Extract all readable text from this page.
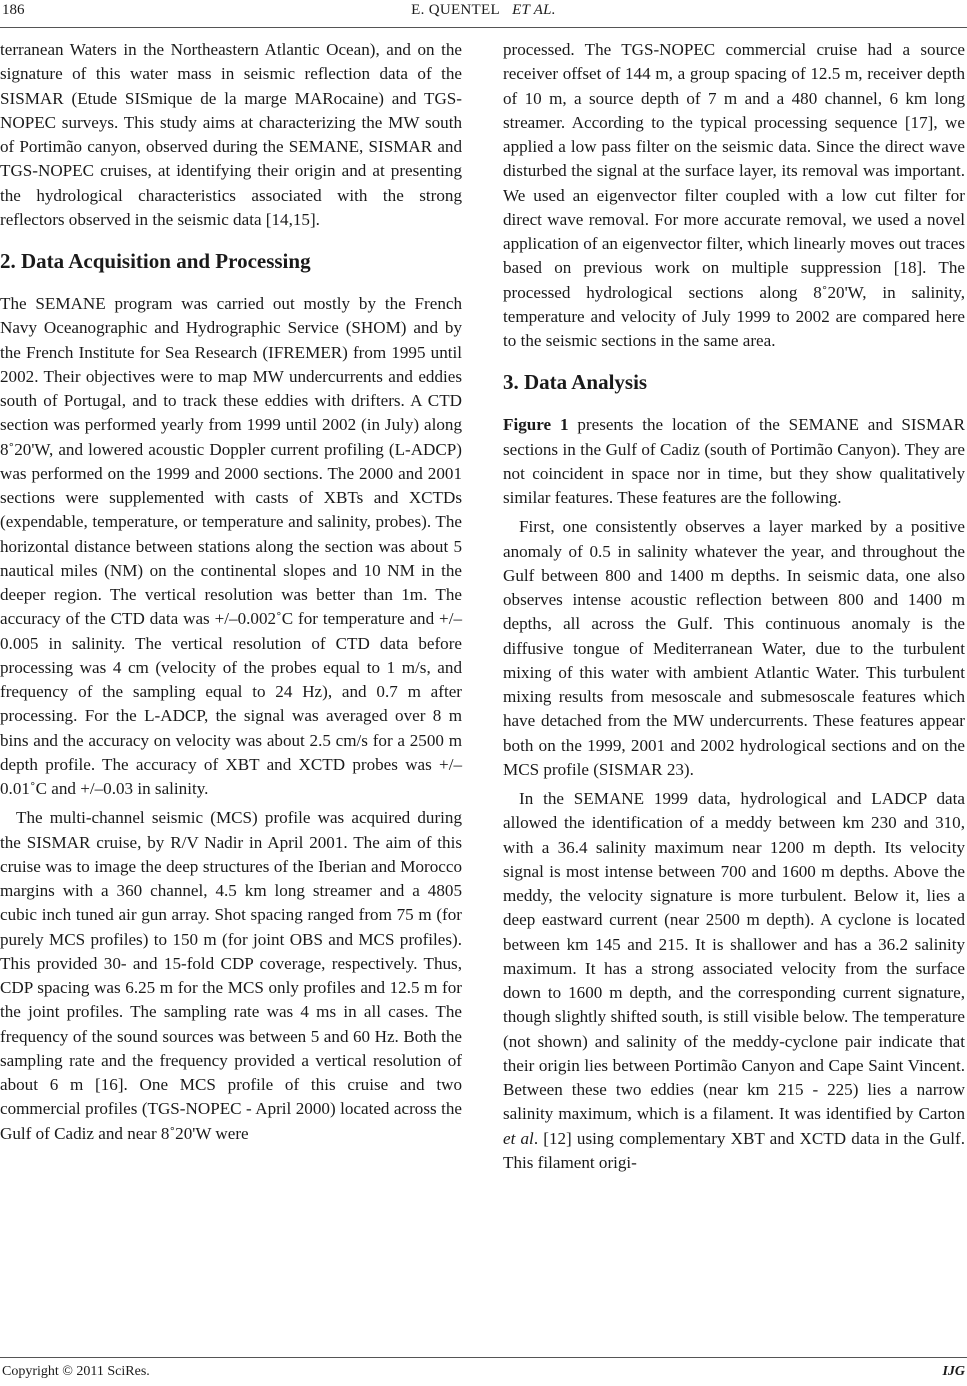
186	E. QUENTEL ET AL.

terranean Waters in the Northeastern Atlantic Ocean), and on the signature of this water mass in seismic reflection data of the SISMAR (Etude SISmique de la marge MARocaine) and TGS-NOPEC surveys. This study aims at characterizing the MW south of Portimão canyon, observed during the SEMANE, SISMAR and TGS-NOPEC cruises, at identifying their origin and at presenting the hydrological characteristics associated with the strong reflectors observed in the seismic data [14,15].

2. Data Acquisition and Processing

The SEMANE program was carried out mostly by the French Navy Oceanographic and Hydrographic Service (SHOM) and by the French Institute for Sea Research (IFREMER) from 1995 until 2002. Their objectives were to map MW undercurrents and eddies south of Portugal, and to track these eddies with drifters. A CTD section was performed yearly from 1999 until 2002 (in July) along 8˚20'W, and lowered acoustic Doppler current profiling (L-ADCP) was performed on the 1999 and 2000 sections. The 2000 and 2001 sections were supplemented with casts of XBTs and XCTDs (expendable, temperature, or temperature and salinity, probes). The horizontal distance between stations along the section was about 5 nautical miles (NM) on the continental slopes and 10 NM in the deeper region. The vertical resolution was better than 1m. The accuracy of the CTD data was +/–0.002˚C for temperature and +/–0.005 in salinity. The vertical resolution of CTD data before processing was 4 cm (velocity of the probes equal to 1 m/s, and frequency of the sampling equal to 24 Hz), and 0.7 m after processing. For the L-ADCP, the signal was averaged over 8 m bins and the accuracy on velocity was about 2.5 cm/s for a 2500 m depth profile. The accuracy of XBT and XCTD probes was +/–0.01˚C and +/–0.03 in salinity.

The multi-channel seismic (MCS) profile was acquired during the SISMAR cruise, by R/V Nadir in April 2001. The aim of this cruise was to image the deep structures of the Iberian and Morocco margins with a 360 channel, 4.5 km long streamer and a 4805 cubic inch tuned air gun array. Shot spacing ranged from 75 m (for purely MCS profiles) to 150 m (for joint OBS and MCS profiles). This provided 30- and 15-fold CDP coverage, respectively. Thus, CDP spacing was 6.25 m for the MCS only profiles and 12.5 m for the joint profiles. The sampling rate was 4 ms in all cases. The frequency of the sound sources was between 5 and 60 Hz. Both the sampling rate and the frequency provided a vertical resolution of about 6 m [16]. One MCS profile of this cruise and two commercial profiles (TGS-NOPEC - April 2000) located across the Gulf of Cadiz and near 8˚20'W were

processed. The TGS-NOPEC commercial cruise had a source receiver offset of 144 m, a group spacing of 12.5 m, receiver depth of 10 m, a source depth of 7 m and a 480 channel, 6 km long streamer. According to the typical processing sequence [17], we applied a low pass filter on the seismic data. Since the direct wave disturbed the signal at the surface layer, its removal was important. We used an eigenvector filter coupled with a low cut filter for direct wave removal. For more accurate removal, we used a novel application of an eigenvector filter, which linearly moves out traces based on previous work on multiple suppression [18]. The processed hydrological sections along 8˚20'W, in salinity, temperature and velocity of July 1999 to 2002 are compared here to the seismic sections in the same area.

3. Data Analysis

Figure 1 presents the location of the SEMANE and SISMAR sections in the Gulf of Cadiz (south of Portimão Canyon). They are not coincident in space nor in time, but they show qualitatively similar features. These features are the following.

First, one consistently observes a layer marked by a positive anomaly of 0.5 in salinity whatever the year, and throughout the Gulf between 800 and 1400 m depths. In seismic data, one also observes intense acoustic reflection between 800 and 1400 m depths, all across the Gulf. This continuous anomaly is the diffusive tongue of Mediterranean Water, due to the turbulent mixing of this water with ambient Atlantic Water. This turbulent mixing results from mesoscale and submesoscale features which have detached from the MW undercurrents. These features appear both on the 1999, 2001 and 2002 hydrological sections and on the MCS profile (SISMAR 23).

In the SEMANE 1999 data, hydrological and LADCP data allowed the identification of a meddy between km 230 and 310, with a 36.4 salinity maximum near 1200 m depth. Its velocity signal is most intense between 700 and 1600 m depths. Above the meddy, the velocity signature is more turbulent. Below it, lies a deep eastward current (near 2500 m depth). A cyclone is located between km 145 and 215. It is shallower and has a 36.2 salinity maximum. It has a strong associated velocity from the surface down to 1600 m depth, and the corresponding current signature, though slightly shifted south, is still visible below. The temperature (not shown) and salinity of the meddy-cyclone pair indicate that their origin lies between Portimão Canyon and Cape Saint Vincent. Between these two eddies (near km 215 - 225) lies a narrow salinity maximum, which is a filament. It was identified by Carton et al. [12] using complementary XBT and XCTD data in the Gulf. This filament origi-

Copyright © 2011 SciRes.	IJG
